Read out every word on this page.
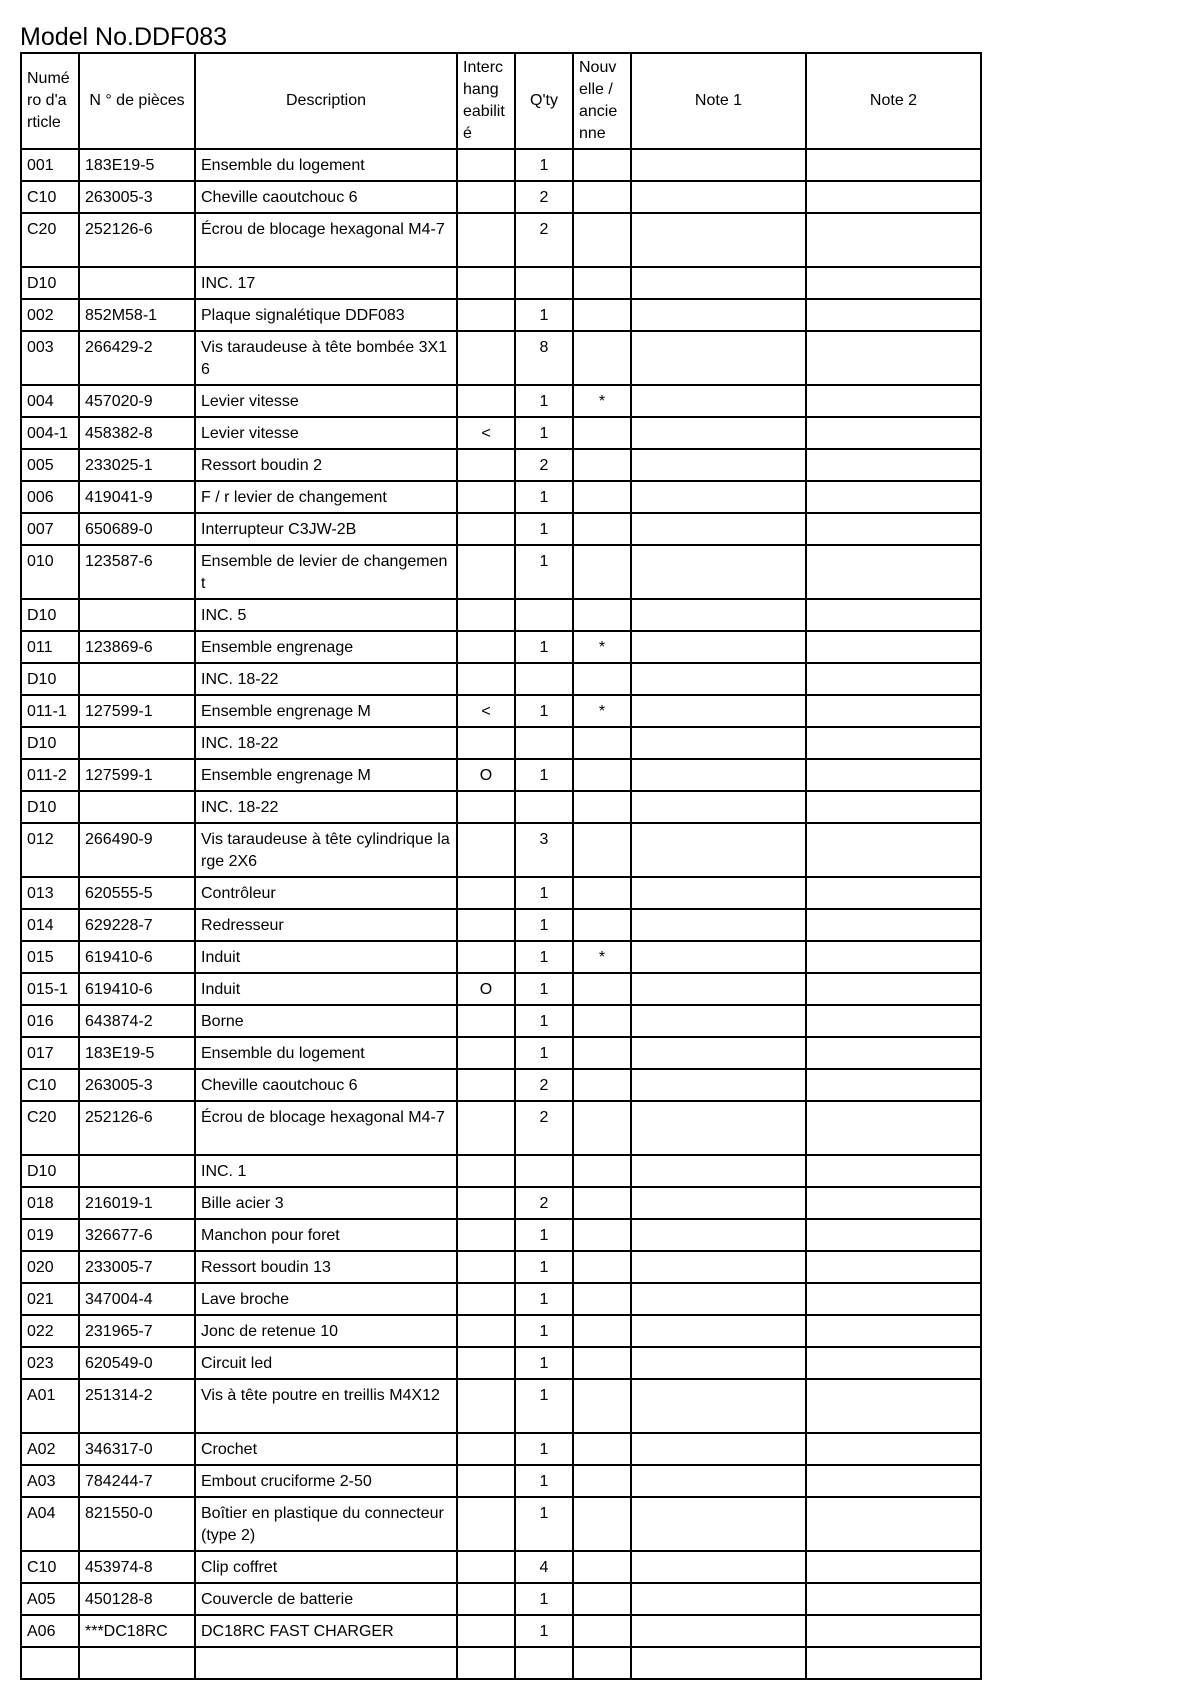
Model No.DDF083
Numé ro d'a rticle	N ° de pièces	Description	Interc hang eabilit é	Q'ty	Nouv elle / ancie nne	Note 1	Note 2
001	183E19-5	Ensemble du logement		1			
C10	263005-3	Cheville caoutchouc 6		2			
C20	252126-6	Écrou de blocage hexagonal M4-7		2			
D10		INC. 17					
002	852M58-1	Plaque signalétique DDF083		1			
003	266429-2	Vis taraudeuse à tête bombée 3X16		8			
004	457020-9	Levier vitesse		1	*		
004-1	458382-8	Levier vitesse	<	1			
005	233025-1	Ressort boudin 2		2			
006	419041-9	F / r levier de changement		1			
007	650689-0	Interrupteur C3JW-2B		1			
010	123587-6	Ensemble de levier de changement		1			
D10		INC. 5					
011	123869-6	Ensemble engrenage		1	*		
D10		INC. 18-22					
011-1	127599-1	Ensemble engrenage M	<	1	*		
D10		INC. 18-22					
011-2	127599-1	Ensemble engrenage M	O	1			
D10		INC. 18-22					
012	266490-9	Vis taraudeuse à tête cylindrique large 2X6		3			
013	620555-5	Contrôleur		1			
014	629228-7	Redresseur		1			
015	619410-6	Induit		1	*		
015-1	619410-6	Induit	O	1			
016	643874-2	Borne		1			
017	183E19-5	Ensemble du logement		1			
C10	263005-3	Cheville caoutchouc 6		2			
C20	252126-6	Écrou de blocage hexagonal M4-7		2			
D10		INC. 1					
018	216019-1	Bille acier 3		2			
019	326677-6	Manchon pour foret		1			
020	233005-7	Ressort boudin 13		1			
021	347004-4	Lave broche		1			
022	231965-7	Jonc de retenue 10		1			
023	620549-0	Circuit led		1			
A01	251314-2	Vis à tête poutre en treillis M4X12		1			
A02	346317-0	Crochet		1			
A03	784244-7	Embout cruciforme 2-50		1			
A04	821550-0	Boîtier en plastique du connecteur (type 2)		1			
C10	453974-8	Clip coffret		4			
A05	450128-8	Couvercle de batterie		1			
A06	***DC18RC	DC18RC FAST CHARGER		1			
